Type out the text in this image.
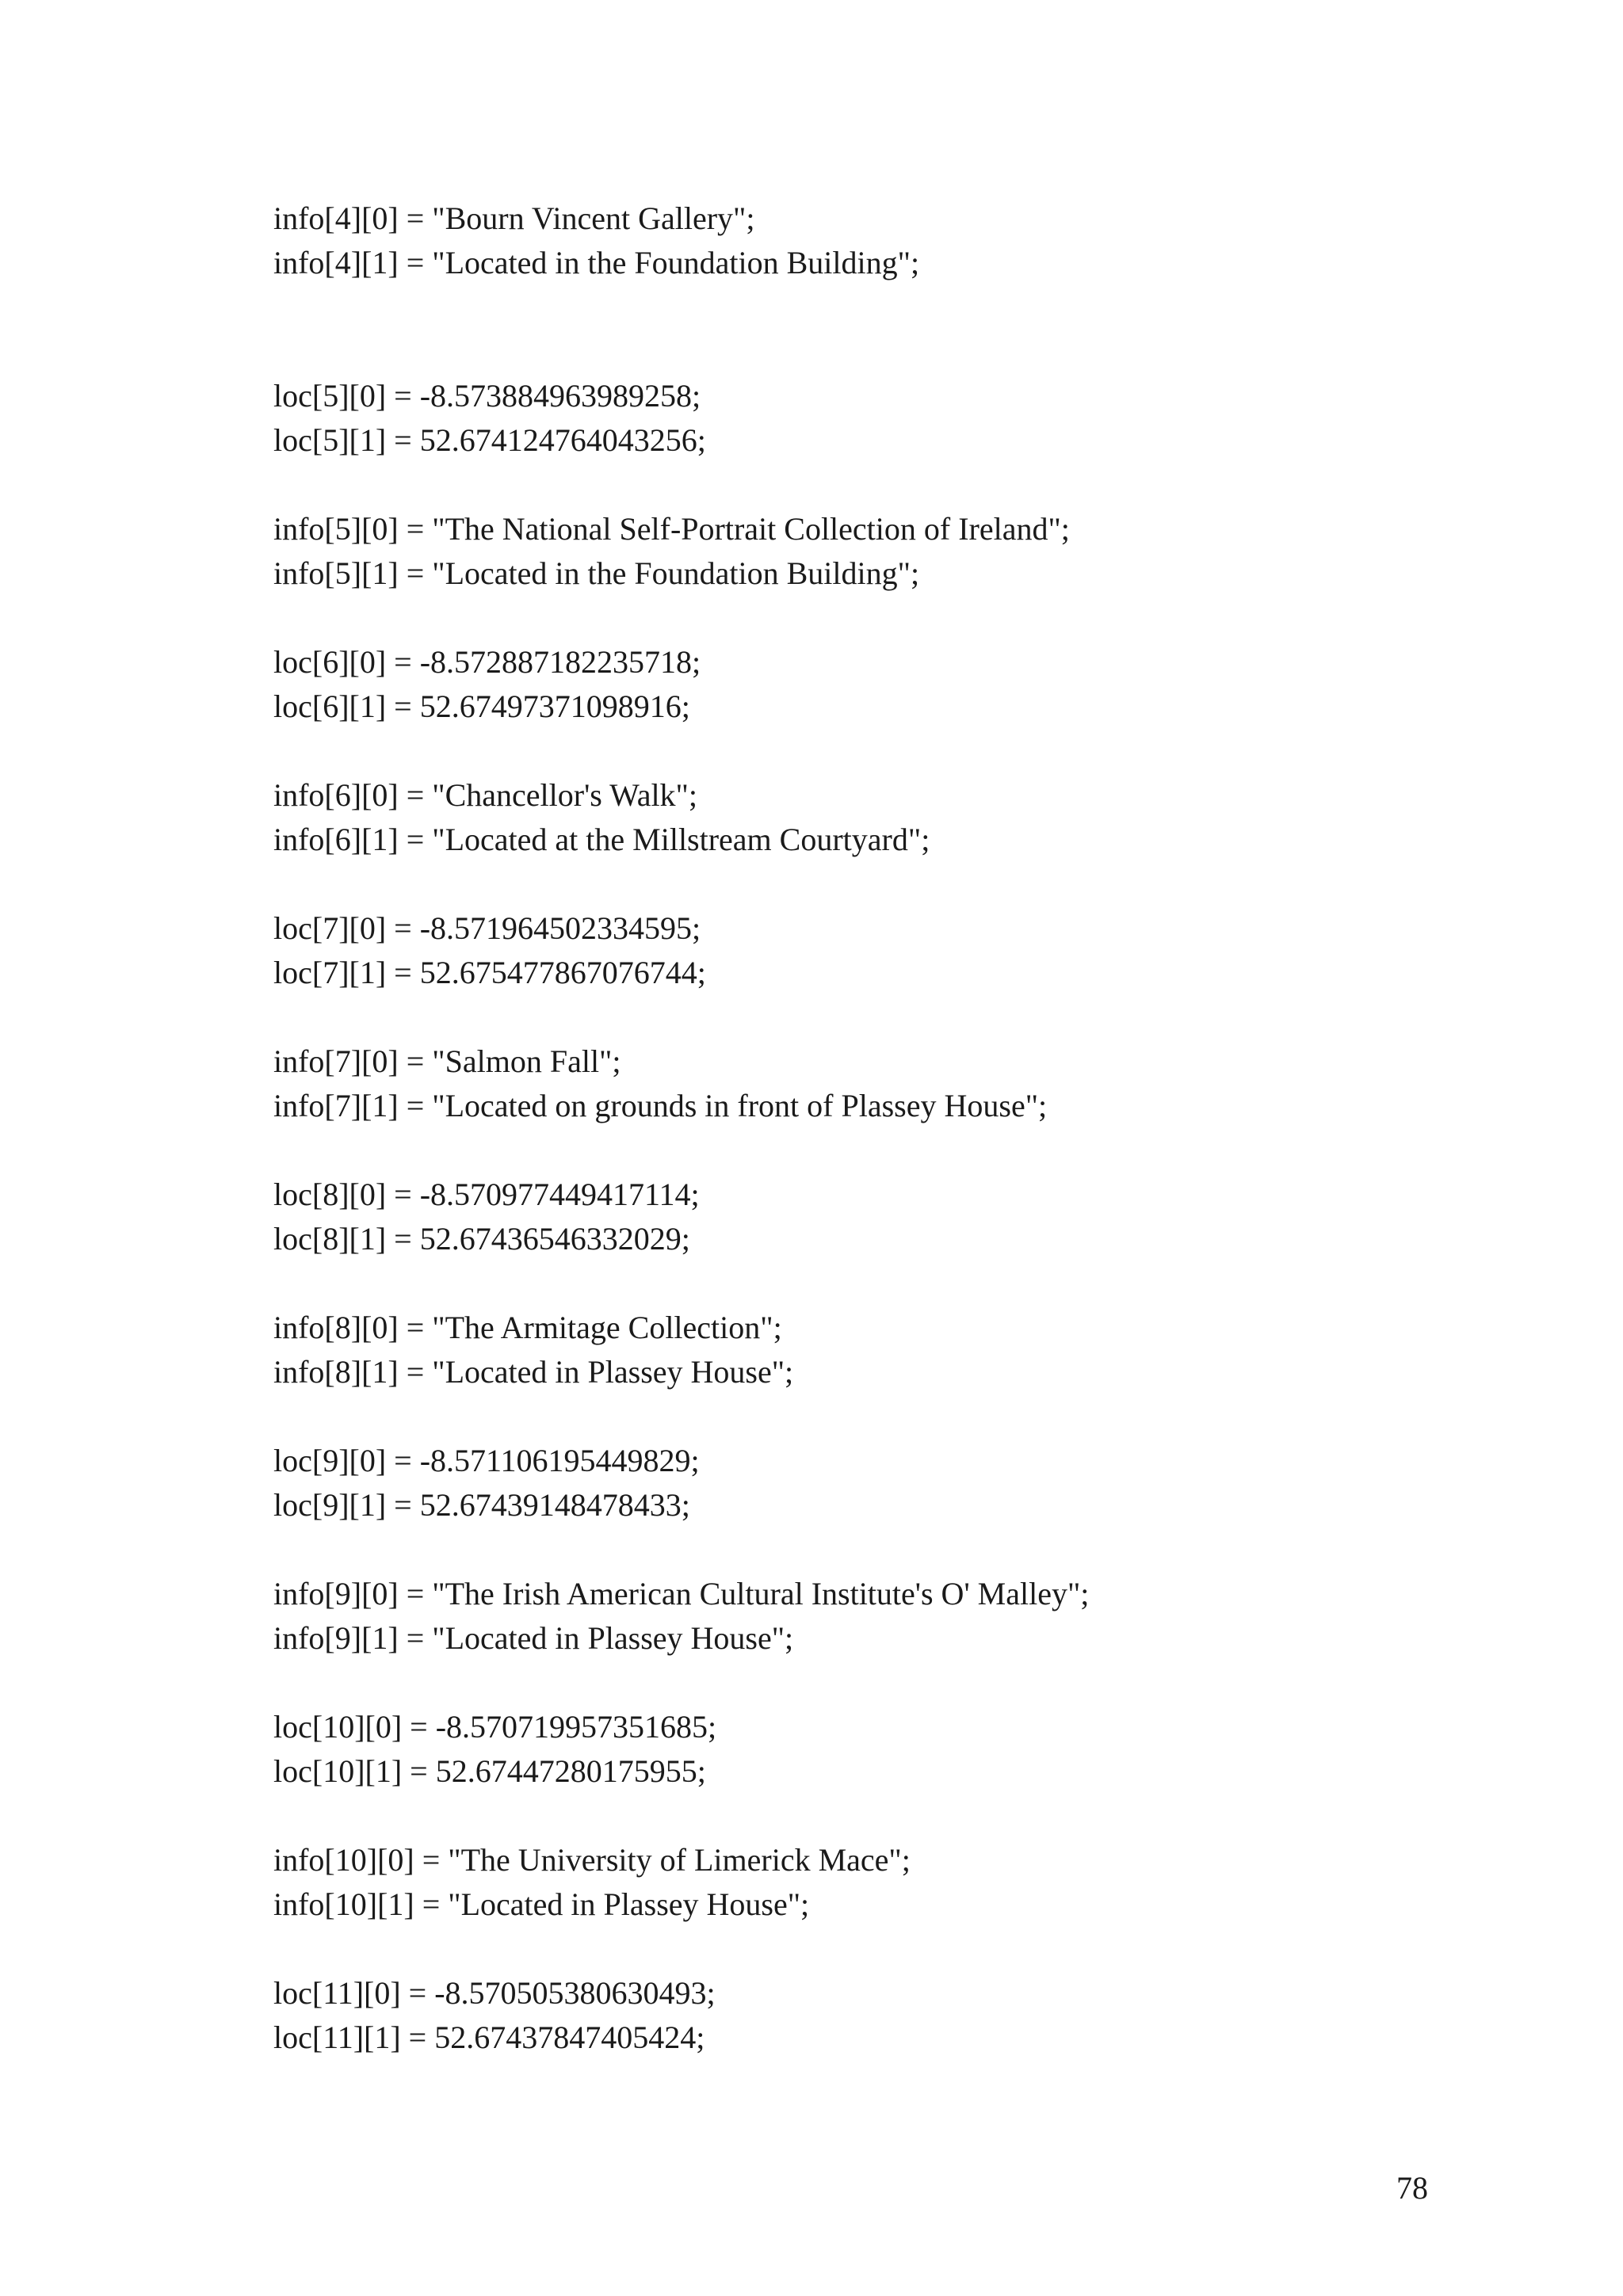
info[4][0] = "Bourn Vincent Gallery";

info[4][1] = "Located in the Foundation Building";

loc[5][0] = -8.573884963989258;

loc[5][1] = 52.674124764043256;

info[5][0] = "The National Self-Portrait Collection of Ireland";

info[5][1] = "Located in the Foundation Building";

loc[6][0] = -8.572887182235718;

loc[6][1] = 52.67497371098916;

info[6][0] = "Chancellor's Walk";

info[6][1] = "Located at the Millstream Courtyard";

loc[7][0] = -8.571964502334595;

loc[7][1] = 52.675477867076744;

info[7][0] = "Salmon Fall";

info[7][1] = "Located on grounds in front of Plassey House";

loc[8][0] = -8.570977449417114;

loc[8][1] = 52.67436546332029;

info[8][0] = "The Armitage Collection";

info[8][1] = "Located in Plassey House";

loc[9][0] = -8.571106195449829;

loc[9][1] = 52.67439148478433;

info[9][0] = "The Irish American Cultural Institute's O' Malley";

info[9][1] = "Located in Plassey House";

loc[10][0] = -8.570719957351685;

loc[10][1] = 52.67447280175955;

info[10][0] = "The University of Limerick Mace";

info[10][1] = "Located in Plassey House";

loc[11][0] = -8.570505380630493;

loc[11][1] = 52.67437847405424;

78
